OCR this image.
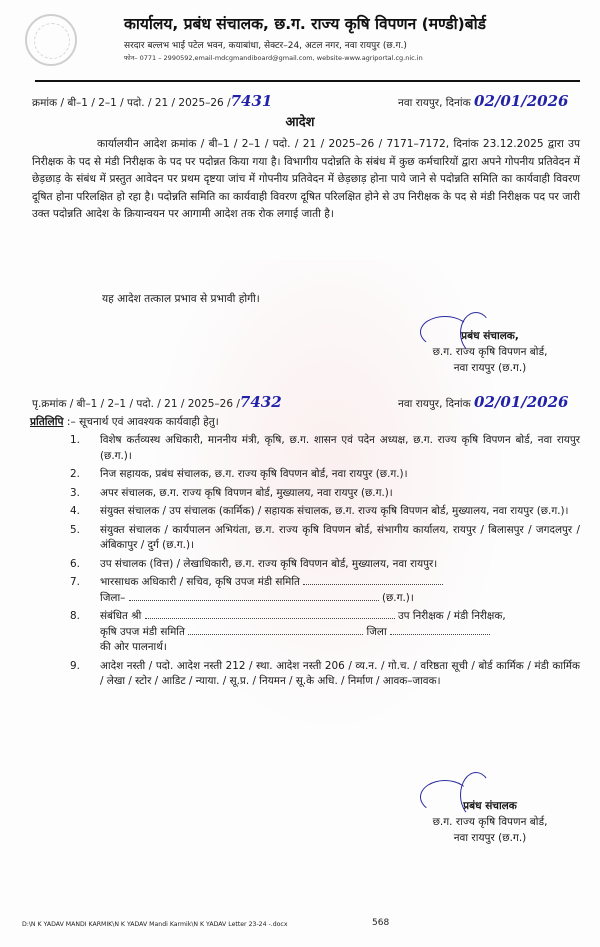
कार्यालय, प्रबंध संचालक, छ.ग. राज्य कृषि विपणन (मण्डी)बोर्ड
सरदार बल्लभ भाई पटेल भवन, कयाबांधा, सेक्टर–24, अटल नगर, नवा रायपुर (छ.ग.)
फोन– 0771 – 2990592,email-mdcgmandiboard@gmail.com, website-www.agriportal.cg.nic.in
क्रमांक / बी–1 / 2–1 / पदो. / 21 / 2025–26 /7431	नवा रायपुर, दिनांक 02/01/2026
आदेश
कार्यालयीन आदेश क्रमांक / बी–1 / 2–1 / पदो. / 21 / 2025–26 / 7171–7172, दिनांक 23.12.2025 द्वारा उप निरीक्षक के पद से मंडी निरीक्षक के पद पर पदोन्नत किया गया है। विभागीय पदोन्नति के संबंध में कुछ कर्मचारियों द्वारा अपने गोपनीय प्रतिवेदन में छेड़छाड़ के संबंध में प्रस्तुत आवेदन पर प्रथम दृष्टया जांच में गोपनीय प्रतिवेदन में छेड़छाड़ होना पाये जाने से पदोन्नति समिति का कार्यवाही विवरण दूषित होना परिलक्षित हो रहा है। पदोन्नति समिति का कार्यवाही विवरण दूषित परिलक्षित होने से उप निरीक्षक के पद से मंडी निरीक्षक पद पर जारी उक्त पदोन्नति आदेश के क्रियान्वयन पर आगामी आदेश तक रोक लगाई जाती है।
यह आदेश तत्काल प्रभाव से प्रभावी होगी।
प्रबंध संचालक,
छ.ग. राज्य कृषि विपणन बोर्ड,
नवा रायपुर (छ.ग.)
पृ.क्रमांक / बी–1 / 2–1 / पदो. / 21 / 2025–26 /7432	नवा रायपुर, दिनांक 02/01/2026
प्रतिलिपि :– सूचनार्थ एवं आवश्यक कार्यवाही हेतु।
1.	विशेष कर्तव्यस्थ अधिकारी, माननीय मंत्री, कृषि, छ.ग. शासन एवं पदेन अध्यक्ष, छ.ग. राज्य कृषि विपणन बोर्ड, नवा रायपुर (छ.ग.)।
2.	निज सहायक, प्रबंध संचालक, छ.ग. राज्य कृषि विपणन बोर्ड, नवा रायपुर (छ.ग.)।
3.	अपर संचालक, छ.ग. राज्य कृषि विपणन बोर्ड, मुख्यालय, नवा रायपुर (छ.ग.)।
4.	संयुक्त संचालक / उप संचालक (कार्मिक) / सहायक संचालक, छ.ग. राज्य कृषि विपणन बोर्ड, मुख्यालय, नवा रायपुर (छ.ग.)।
5.	संयुक्त संचालक / कार्यपालन अभियंता, छ.ग. राज्य कृषि विपणन बोर्ड, संभागीय कार्यालय, रायपुर / बिलासपुर / जगदलपुर / अंबिकापुर / दुर्ग (छ.ग.)।
6.	उप संचालक (वित्त) / लेखाधिकारी, छ.ग. राज्य कृषि विपणन बोर्ड, मुख्यालय, नवा रायपुर।
7.	भारसाधक अधिकारी / सचिव, कृषि उपज मंडी समिति
जिला–	(छ.ग.)।
8.	संबंधित श्री	उप निरीक्षक / मंडी निरीक्षक,
कृषि उपज मंडी समिति	जिला
की ओर पालनार्थ।
9.	आदेश नस्ती / पदो. आदेश नस्ती 212 / स्था. आदेश नस्ती 206 / व्य.न. / गो.च. / वरिष्ठता सूची / बोर्ड कार्मिक / मंडी कार्मिक / लेखा / स्टोर / आडिट / न्याया. / सू.प्र. / नियमन / सू.के अधि. / निर्माण / आवक–जावक।
प्रबंध संचालक
छ.ग. राज्य कृषि विपणन बोर्ड,
नवा रायपुर (छ.ग.)
D:\N K YADAV MANDI KARMIK\N K YADAV Mandi Karmik\N K YADAV Letter 23-24 -.docx	568
